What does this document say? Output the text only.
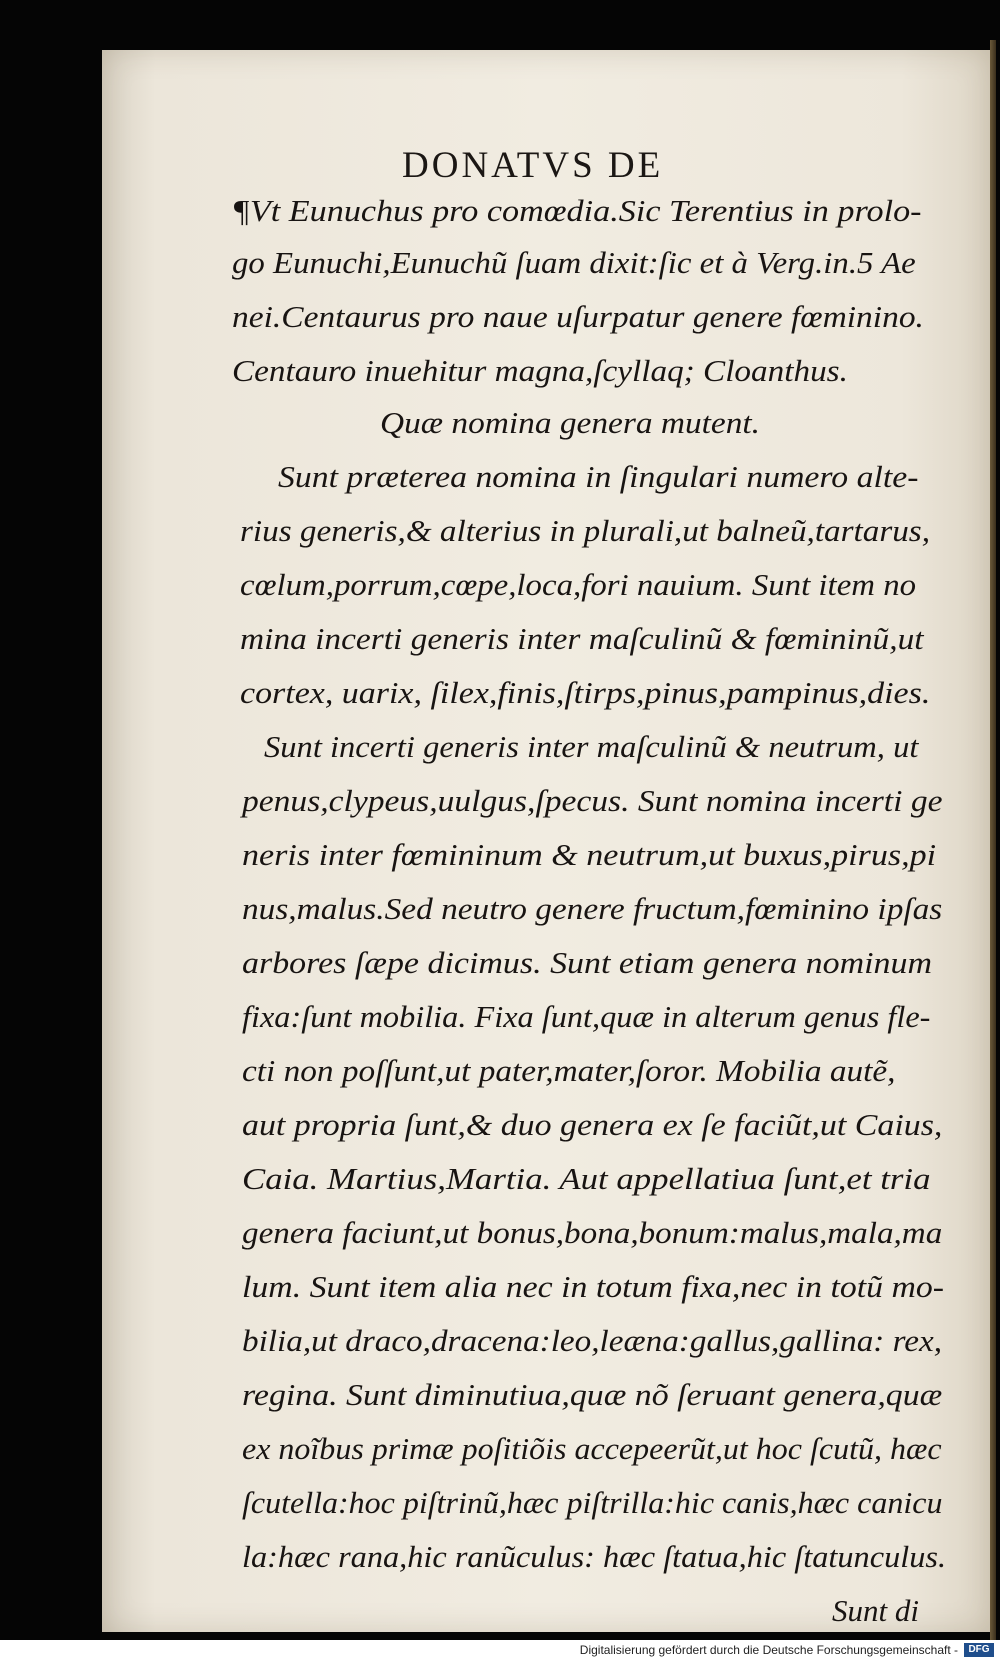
DONATVS DE
¶Vt Eunuchus pro comœdia.Sic Terentius in prolo-
go Eunuchi,Eunuchũ ſuam dixit:ſic et à Verg.in.5 Ae
nei.Centaurus pro naue uſurpatur genere fœminino.
Centauro inuehitur magna,ſcyllaq; Cloanthus.
Quæ nomina genera mutent.
Sunt præterea nomina in ſingulari numero alte-
rius generis,& alterius in plurali,ut balneũ,tartarus,
cœlum,porrum,cœpe,loca,fori nauium. Sunt item no
mina incerti generis inter maſculinũ & fœmininũ,ut
cortex, uarix, ſilex,finis,ſtirps,pinus,pampinus,dies.
Sunt incerti generis inter maſculinũ & neutrum, ut
penus,clypeus,uulgus,ſpecus. Sunt nomina incerti ge
neris inter fœmininum & neutrum,ut buxus,pirus,pi
nus,malus.Sed neutro genere fructum,fœminino ipſas
arbores ſæpe dicimus. Sunt etiam genera nominum
fixa:ſunt mobilia. Fixa ſunt,quæ in alterum genus fle-
cti non poſſunt,ut pater,mater,ſoror. Mobilia autẽ,
aut propria ſunt,& duo genera ex ſe faciũt,ut Caius,
Caia. Martius,Martia. Aut appellatiua ſunt,et tria
genera faciunt,ut bonus,bona,bonum:malus,mala,ma
lum. Sunt item alia nec in totum fixa,nec in totũ mo-
bilia,ut draco,dracena:leo,leæna:gallus,gallina: rex,
regina. Sunt diminutiua,quæ nõ ſeruant genera,quæ
ex noĩbus primæ poſitiõis accepeerũt,ut hoc ſcutũ, hæc
ſcutella:hoc piſtrinũ,hæc piſtrilla:hic canis,hæc canicu
la:hæc rana,hic ranũculus: hæc ſtatua,hic ſtatunculus.
Sunt di
Digitalisierung gefördert durch die Deutsche Forschungsgemeinschaft -	DFG
